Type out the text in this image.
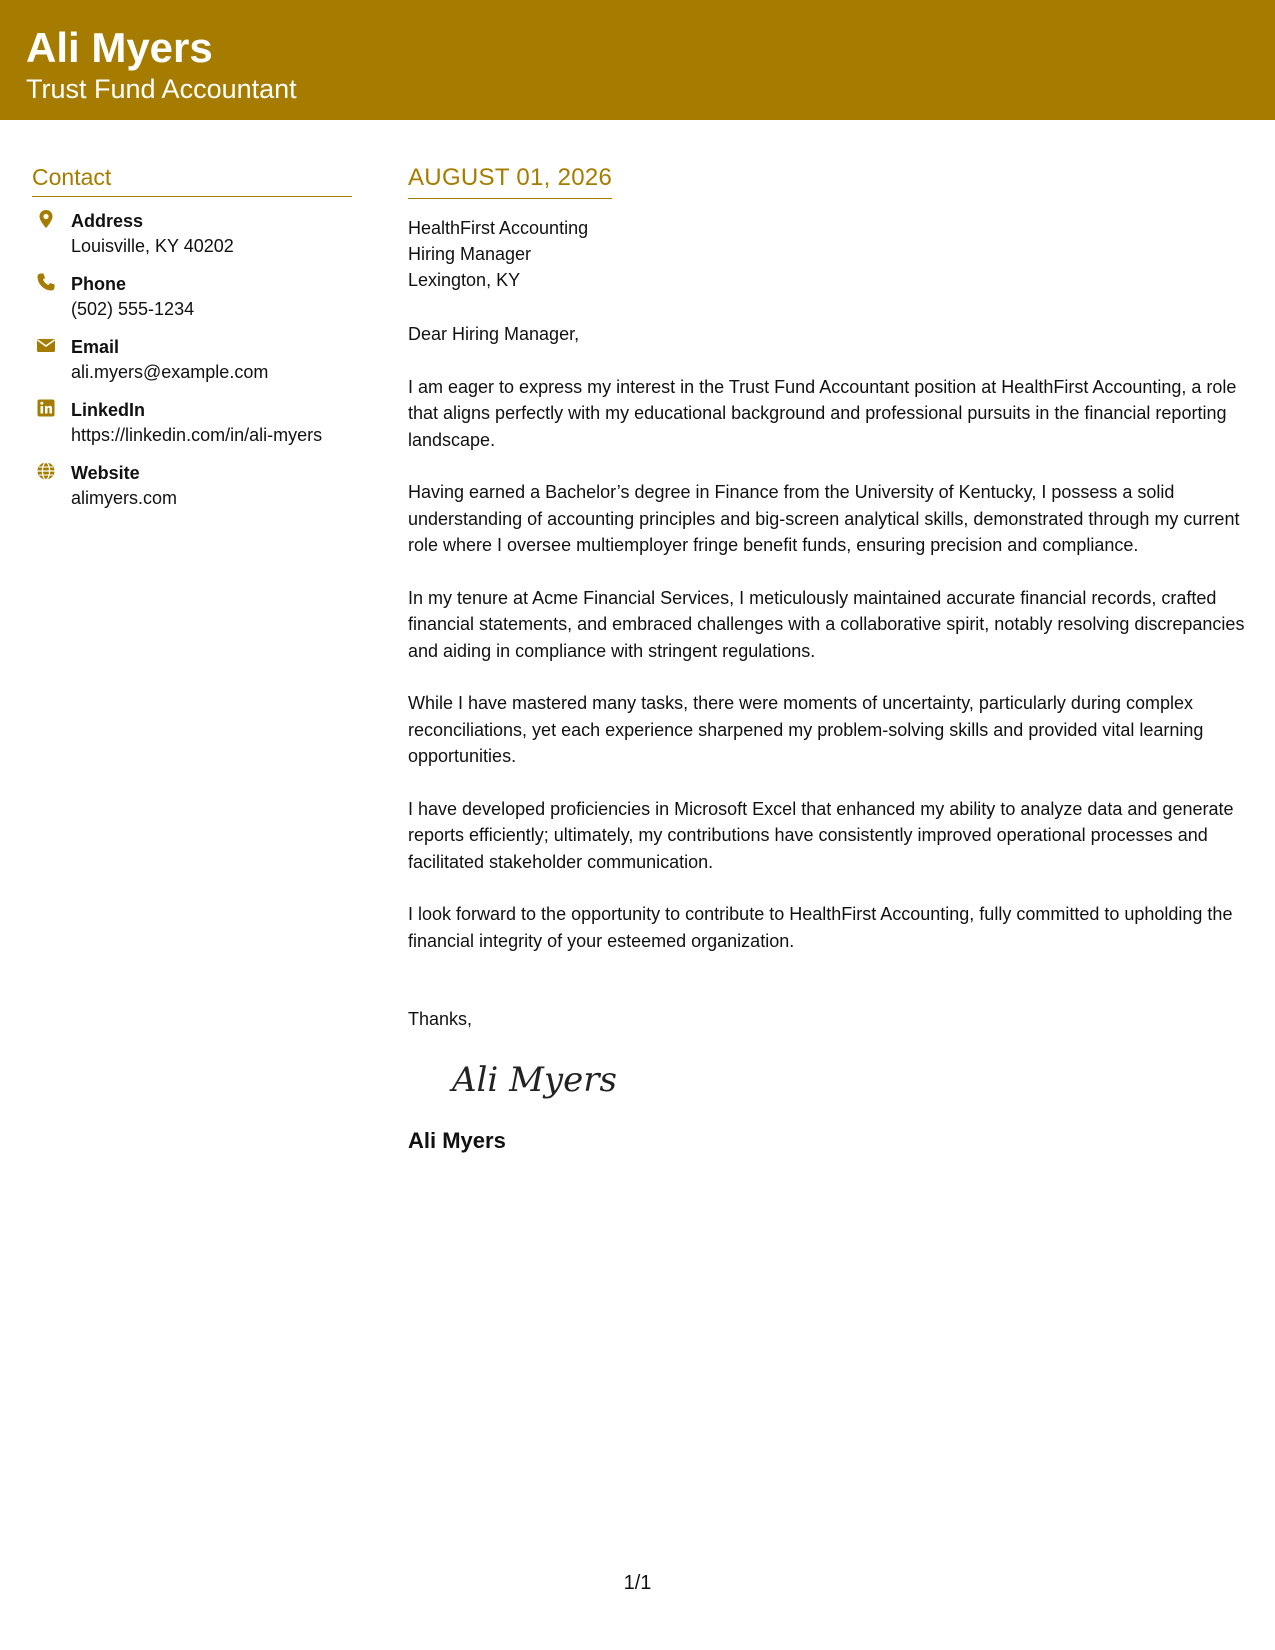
Ali Myers
Trust Fund Accountant
Contact
Address
Louisville, KY 40202
Phone
(502) 555-1234
Email
ali.myers@example.com
LinkedIn
https://linkedin.com/in/ali-myers
Website
alimyers.com
AUGUST 01, 2026
HealthFirst Accounting
Hiring Manager
Lexington, KY
Dear Hiring Manager,
I am eager to express my interest in the Trust Fund Accountant position at HealthFirst Accounting, a role that aligns perfectly with my educational background and professional pursuits in the financial reporting landscape.
Having earned a Bachelor’s degree in Finance from the University of Kentucky, I possess a solid understanding of accounting principles and big-screen analytical skills, demonstrated through my current role where I oversee multiemployer fringe benefit funds, ensuring precision and compliance.
In my tenure at Acme Financial Services, I meticulously maintained accurate financial records, crafted financial statements, and embraced challenges with a collaborative spirit, notably resolving discrepancies and aiding in compliance with stringent regulations.
While I have mastered many tasks, there were moments of uncertainty, particularly during complex reconciliations, yet each experience sharpened my problem-solving skills and provided vital learning opportunities.
I have developed proficiencies in Microsoft Excel that enhanced my ability to analyze data and generate reports efficiently; ultimately, my contributions have consistently improved operational processes and facilitated stakeholder communication.
I look forward to the opportunity to contribute to HealthFirst Accounting, fully committed to upholding the financial integrity of your esteemed organization.
Thanks,
Ali Myers
Ali Myers
1/1
